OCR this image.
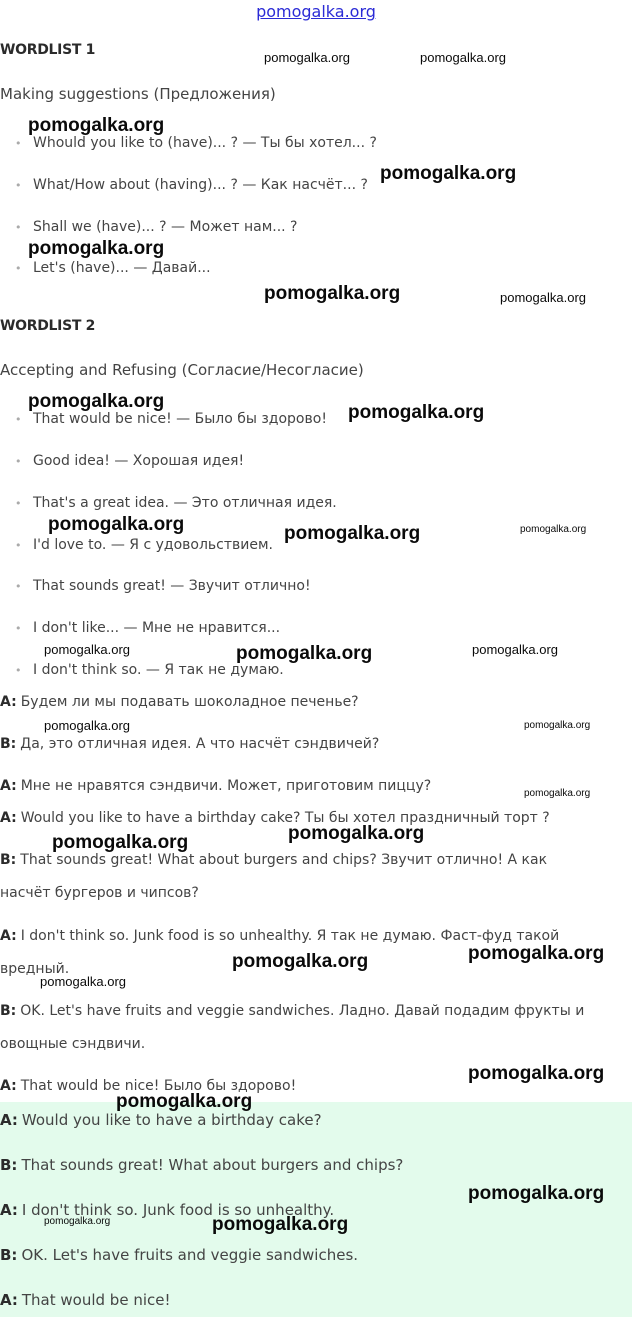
pomogalka.org
WORDLIST 1
Making suggestions (Предложения)
• Whould you like to (have)... ? — Ты бы хотел... ?
• What/How about (having)... ? — Как насчёт... ?
• Shall we (have)... ? — Может нам... ?
• Let's (have)... — Давай...
WORDLIST 2
Accepting and Refusing (Согласие/Несогласие)
• That would be nice! — Было бы здорово!
• Good idea! — Хорошая идея!
• That's a great idea. — Это отличная идея.
• I'd love to. — Я с удовольствием.
• That sounds great! — Звучит отлично!
• I don't like... — Мне не нравится...
• I don't think so. — Я так не думаю.
A: Будем ли мы подавать шоколадное печенье?
B: Да, это отличная идея. А что насчёт сэндвичей?
A: Мне не нравятся сэндвичи. Может, приготовим пиццу?
A: Would you like to have a birthday cake? Ты бы хотел праздничный торт ?
B: That sounds great! What about burgers and chips? Звучит отлично! А как
насчёт бургеров и чипсов?
A: I don't think so. Junk food is so unhealthy. Я так не думаю. Фаст-фуд такой
вредный.
B: OK. Let's have fruits and veggie sandwiches. Ладно. Давай подадим фрукты и
овощные сэндвичи.
A: That would be nice! Было бы здорово!
A: Would you like to have a birthday cake?
B: That sounds great! What about burgers and chips?
A: I don't think so. Junk food is so unhealthy.
B: OK. Let's have fruits and veggie sandwiches.
A: That would be nice!
pomogalka.org	pomogalka.org
pomogalka.org
pomogalka.org
pomogalka.org
pomogalka.org	pomogalka.org
pomogalka.org
pomogalka.org
pomogalka.org	pomogalka.org	pomogalka.org
pomogalka.org	pomogalka.org	pomogalka.org
pomogalka.org	pomogalka.org
pomogalka.org
pomogalka.org	pomogalka.org
pomogalka.org	pomogalka.org
pomogalka.org
pomogalka.org
pomogalka.org
pomogalka.org
pomogalka.org	pomogalka.org
